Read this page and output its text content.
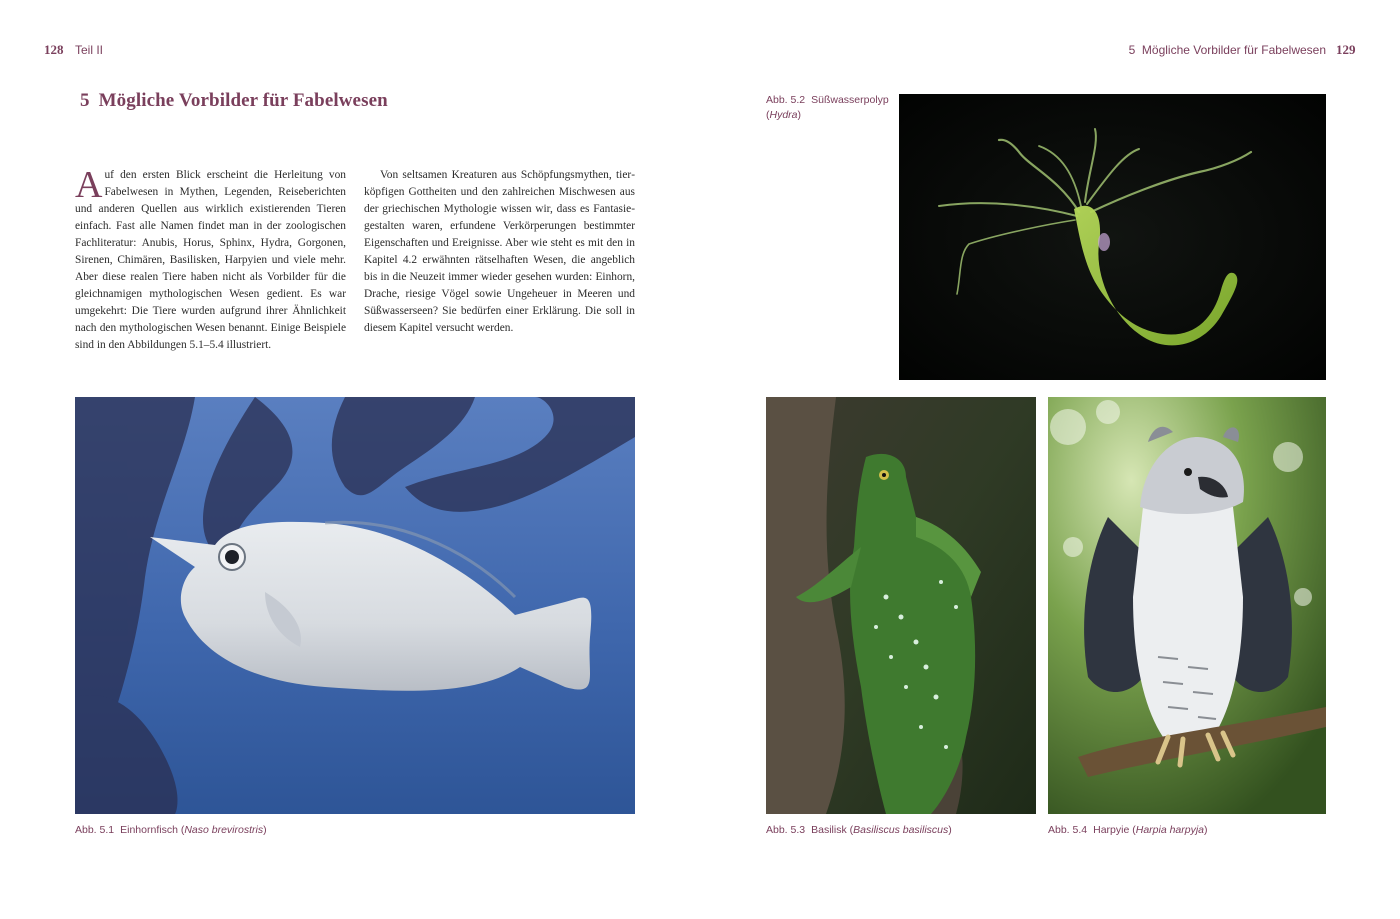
128 Teil II	5  Mögliche Vorbilder für Fabelwesen 129
5 Mögliche Vorbilder für Fabelwesen
Auf den ersten Blick erscheint die Herleitung von Fabelwesen in Mythen, Legenden, Reiseberichten und anderen Quellen aus wirklich existierenden Tieren einfach. Fast alle Namen findet man in der zoologischen Fachliteratur: Anubis, Horus, Sphinx, Hydra, Gorgonen, Sirenen, Chimären, Basilisken, Harpyien und viele mehr. Aber diese realen Tiere haben nicht als Vorbilder für die gleichnamigen mythologischen Wesen gedient. Es war umgekehrt: Die Tiere wurden aufgrund ihrer Ähnlichkeit nach den mythologischen Wesen benannt. Einige Beispiele sind in den Abbildungen 5.1–5.4 illustriert.
Von seltsamen Kreaturen aus Schöpfungsmythen, tierköpfigen Gottheiten und den zahlreichen Mischwesen aus der griechischen Mythologie wissen wir, dass es Fantasiegestalten waren, erfundene Verkörperungen bestimmter Eigenschaften und Ereignisse. Aber wie steht es mit den in Kapitel 4.2 erwähnten rätselhaften Wesen, die angeblich bis in die Neuzeit immer wieder gesehen wurden: Einhorn, Drache, riesige Vögel sowie Ungeheuer in Meeren und Süßwasserseen? Sie bedürfen einer Erklärung. Die soll in diesem Kapitel versucht werden.
Abb. 5.2 Süßwasserpolyp
(Hydra)
Abb. 5.1 Einhornfisch (Naso brevirostris)	Abb. 5.3 Basilisk (Basiliscus basiliscus)	Abb. 5.4 Harpyie (Harpia harpyja)
